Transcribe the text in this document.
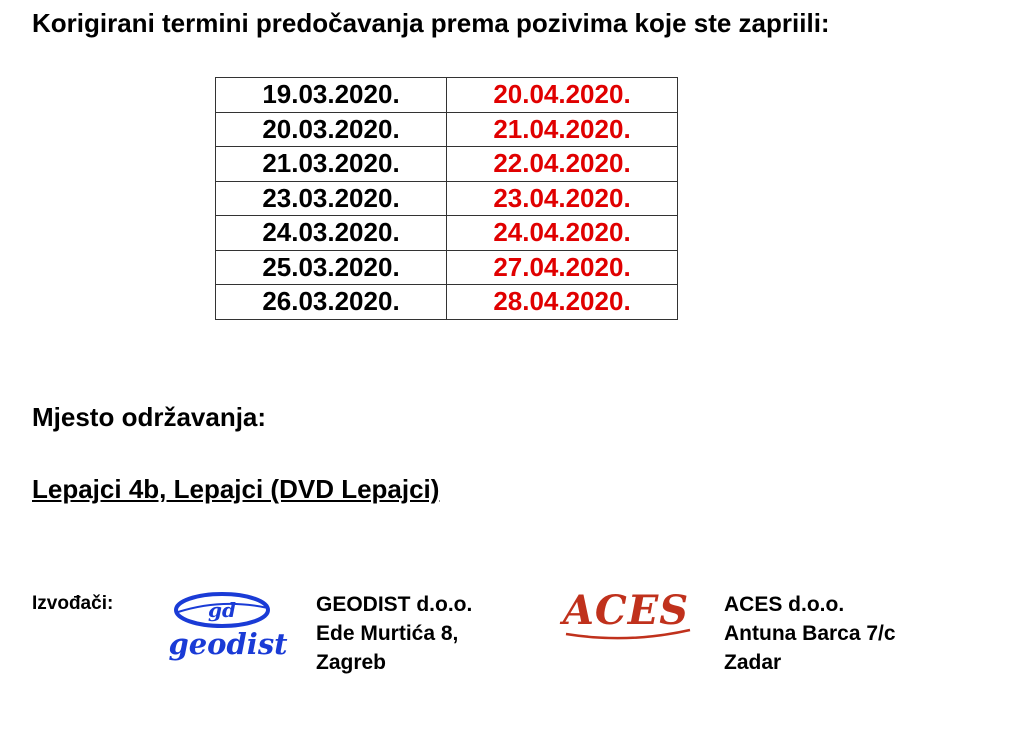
Korigirani termini predočavanja prema pozivima koje ste zapriili:
19.03.2020.	20.04.2020.
20.03.2020.	21.04.2020.
21.03.2020.	22.04.2020.
23.03.2020.	23.04.2020.
24.03.2020.	24.04.2020.
25.03.2020.	27.04.2020.
26.03.2020.	28.04.2020.
Mjesto održavanja:
Lepajci 4b, Lepajci (DVD Lepajci)
Izvođači:	gd
geodist
GEODIST d.o.o.
Ede Murtića 8,
Zagreb
ACES ACES d.o.o.
Antuna Barca 7/c
Zadar
